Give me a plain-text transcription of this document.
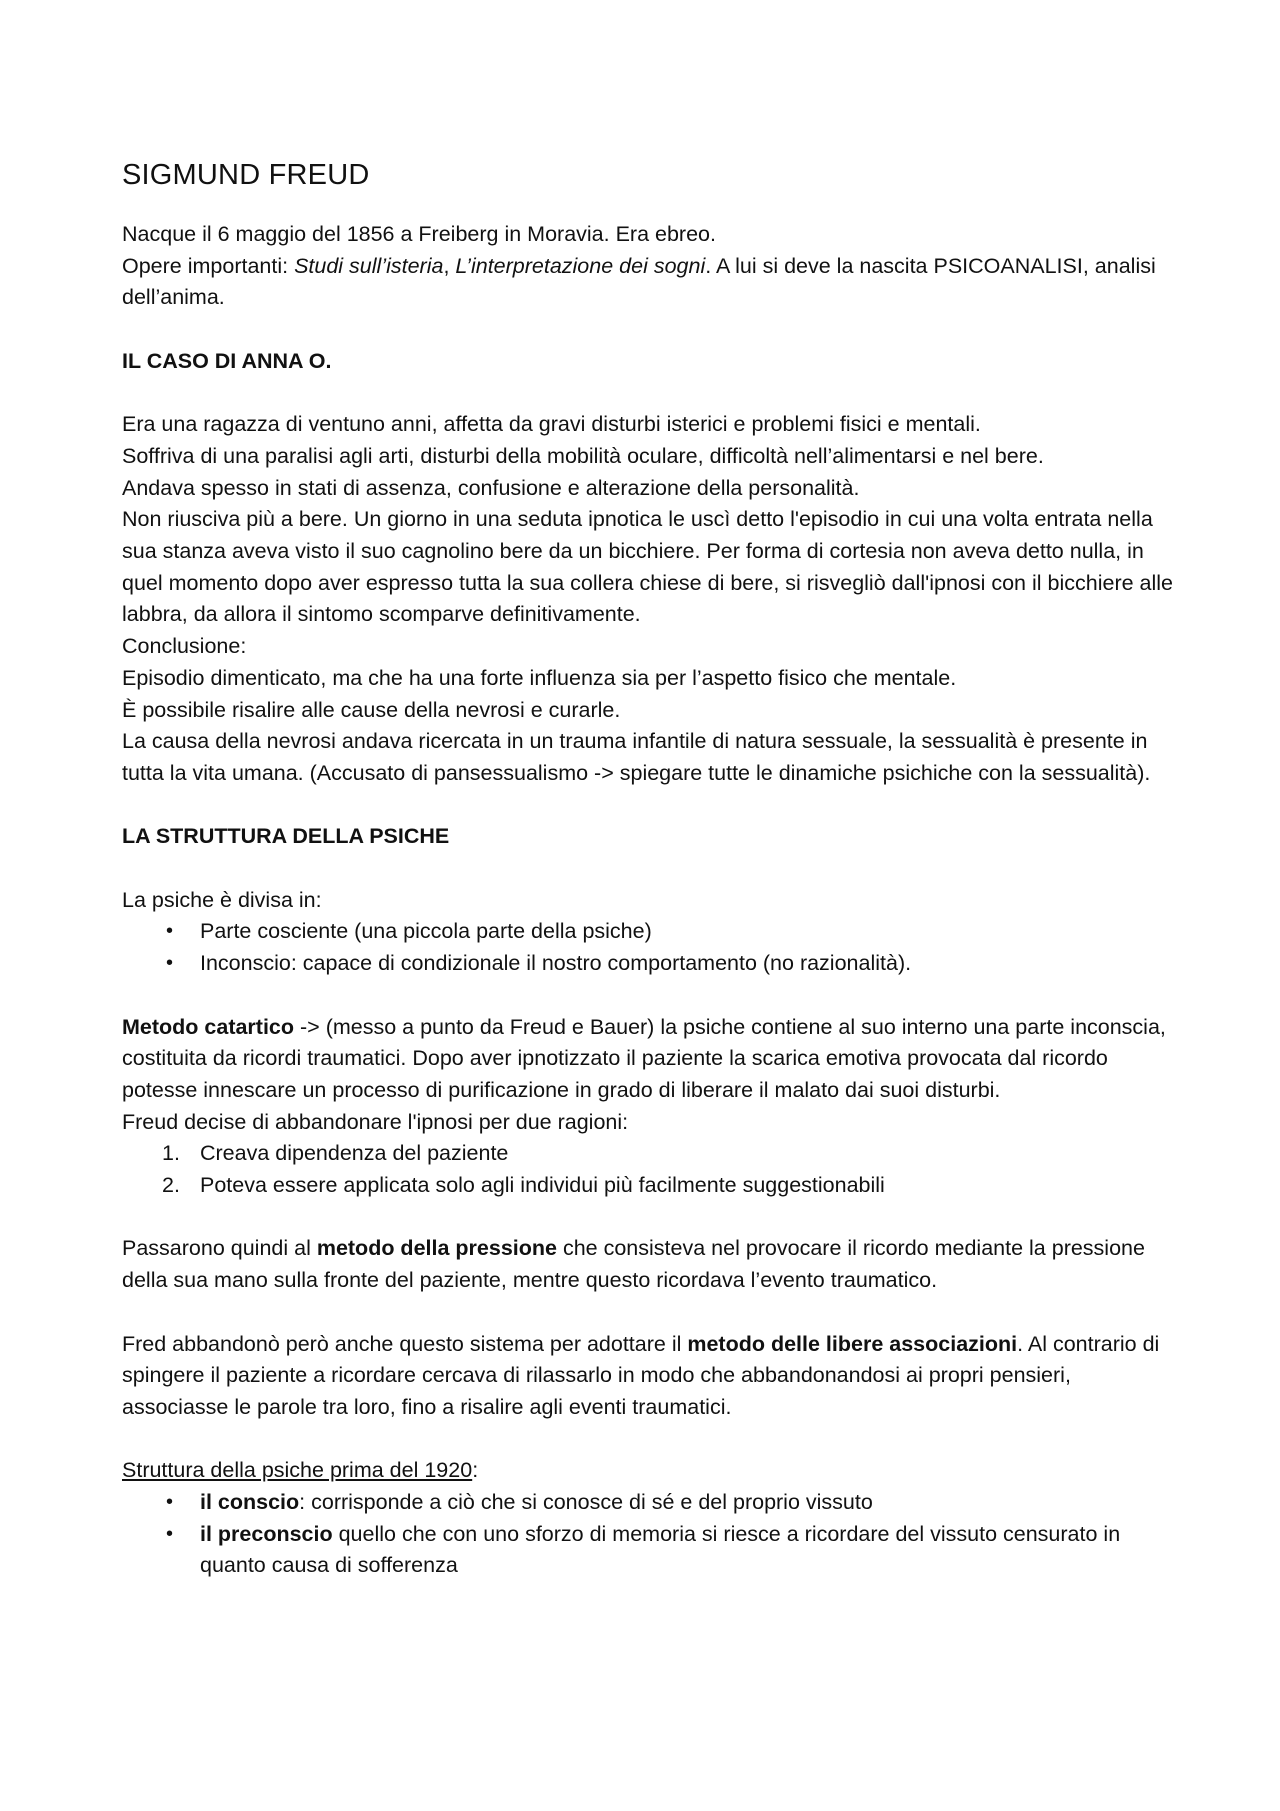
SIGMUND FREUD

Nacque il 6 maggio del 1856 a Freiberg in Moravia. Era ebreo.

Opere importanti: Studi sull’isteria, L’interpretazione dei sogni. A lui si deve la nascita PSICOANALISI, analisi dell’anima.

IL CASO DI ANNA O.

Era una ragazza di ventuno anni, affetta da gravi disturbi isterici e problemi fisici e mentali.

Soffriva di una paralisi agli arti, disturbi della mobilità oculare, difficoltà nell’alimentarsi e nel bere.

Andava spesso in stati di assenza, confusione e alterazione della personalità.

Non riusciva più a bere. Un giorno in una seduta ipnotica le uscì detto l'episodio in cui una volta entrata nella sua stanza aveva visto il suo cagnolino bere da un bicchiere. Per forma di cortesia non aveva detto nulla, in quel momento dopo aver espresso tutta la sua collera chiese di bere, si risvegliò dall'ipnosi con il bicchiere alle labbra, da allora il sintomo scomparve definitivamente.

Conclusione:

Episodio dimenticato, ma che ha una forte influenza sia per l’aspetto fisico che mentale.

È possibile risalire alle cause della nevrosi e curarle.

La causa della nevrosi andava ricercata in un trauma infantile di natura sessuale, la sessualità è presente in tutta la vita umana. (Accusato di pansessualismo -> spiegare tutte le dinamiche psichiche con la sessualità).

LA STRUTTURA DELLA PSICHE

La psiche è divisa in:

• Parte cosciente (una piccola parte della psiche)
• Inconscio: capace di condizionale il nostro comportamento (no razionalità).

Metodo catartico -> (messo a punto da Freud e Bauer) la psiche contiene al suo interno una parte inconscia, costituita da ricordi traumatici. Dopo aver ipnotizzato il paziente la scarica emotiva provocata dal ricordo potesse innescare un processo di purificazione in grado di liberare il malato dai suoi disturbi.

Freud decise di abbandonare l'ipnosi per due ragioni:

1. Creava dipendenza del paziente
2. Poteva essere applicata solo agli individui più facilmente suggestionabili

Passarono quindi al metodo della pressione che consisteva nel provocare il ricordo mediante la pressione della sua mano sulla fronte del paziente, mentre questo ricordava l’evento traumatico.

Fred abbandonò però anche questo sistema per adottare il metodo delle libere associazioni. Al contrario di spingere il paziente a ricordare cercava di rilassarlo in modo che abbandonandosi ai propri pensieri, associasse le parole tra loro, fino a risalire agli eventi traumatici.

Struttura della psiche prima del 1920:

• il conscio: corrisponde a ciò che si conosce di sé e del proprio vissuto
• il preconscio quello che con uno sforzo di memoria si riesce a ricordare del vissuto censurato in quanto causa di sofferenza
